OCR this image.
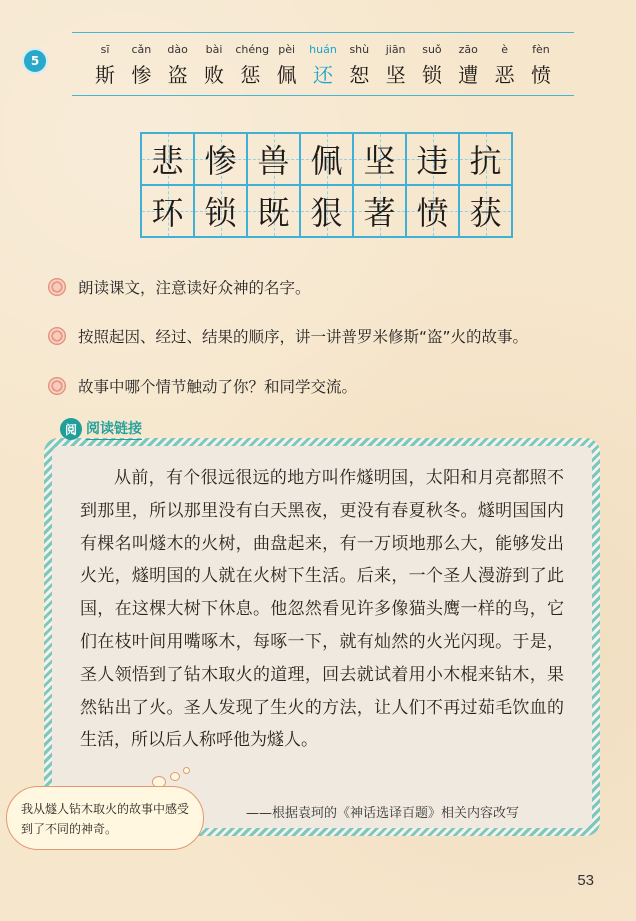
5
sī
斯
cǎn
惨
dào
盗
bài
败
chéng
惩
pèi
佩
huán
还
shù
恕
jiān
坚
suǒ
锁
zāo
遭
è
恶
fèn
愤
悲 惨 兽 佩 坚 违 抗
环 锁 既 狠 著 愤 获
朗读课文，注意读好众神的名字。
按照起因、经过、结果的顺序，讲一讲普罗米修斯“盗”火的故事。
故事中哪个情节触动了你？和同学交流。

从前，有个很远很远的地方叫作燧明国，太阳和月亮都照不到那里，所以那里没有白天黑夜，更没有春夏秋冬。燧明国国内有棵名叫燧木的火树，曲盘起来，有一万顷地那么大，能够发出火光，燧明国的人就在火树下生活。后来，一个圣人漫游到了此国，在这棵大树下休息。他忽然看见许多像猫头鹰一样的鸟，它们在枝叶间用嘴啄木，每啄一下，就有灿然的火光闪现。于是，圣人领悟到了钻木取火的道理，回去就试着用小木棍来钻木，果然钻出了火。圣人发现了生火的方法，让人们不再过茹毛饮血的生活，所以后人称呼他为燧人。

阅 阅读链接
——根据袁珂的《神话选译百题》相关内容改写
我从燧人钻木取火的故事中感受到了不同的神奇。
53
